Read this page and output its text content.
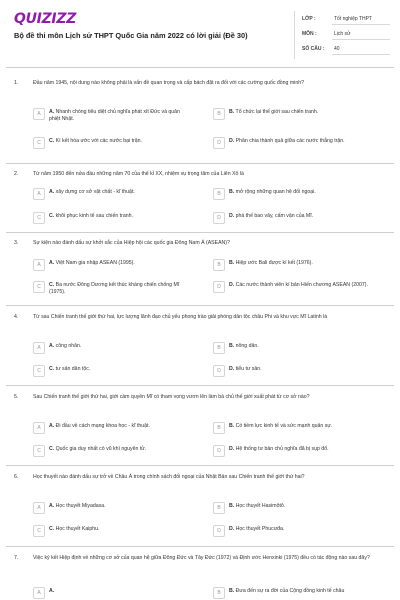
QUIZIZZ
Bộ đề thi môn Lịch sử THPT Quốc Gia năm 2022 có lời giải (Đề 30)
LỚP :	Tốt nghiệp THPT
MÔN :	Lịch sử
SỐ CÂU : 40
1.	Đầu năm 1945, nội dung nào không phải là vấn đề quan trọng và cấp bách đặt ra đối với các cường quốc đồng minh?
A	A. Nhanh chóng tiêu diệt chủ nghĩa phát xít Đức và quân phiệt Nhật.
B	B. Tổ chức lại thế giới sau chiến tranh.
C	C. Kí kết hòa ước với các nước bại trận.	D	D. Phân chia thành quả giữa các nước thắng trận.
2.	Từ năm 1950 đến nửa đầu những năm 70 của thế kỉ XX, nhiệm vụ trọng tâm của Liên Xô là
A	A. xây dựng cơ sở vật chất - kĩ thuật.	B	B. mở rộng những quan hệ đối ngoại.
C	C. khôi phục kinh tế sau chiến tranh.	D	D. phá thế bao vây, cấm vận của Mĩ.
3.	Sự kiện nào đánh dấu sự khởi sắc của Hiệp hội các quốc gia Đông Nam Á (ASEAN)?
A	A. Việt Nam gia nhập ASEAN (1995).	B	B. Hiệp ước Bali được kí kết (1976).
C	C. Ba nước Đông Dương kết thúc kháng chiến chống Mĩ (1975).
D	D. Các nước thành viên kí bản Hiến chương ASEAN (2007).
4.	Từ sau Chiến tranh thế giới thứ hai, lực lượng lãnh đạo chủ yếu phong trào giải phóng dân tộc châu Phi và khu vực Mĩ Latinh là
A	A. công nhân.	B	B. nông dân.
C	C. tư sản dân tộc.	D	D. tiểu tư sản.
5.	Sau Chiến tranh thế giới thứ hai, giới cầm quyền Mĩ có tham vọng vươn lên làm bá chủ thế giới xuất phát từ cơ sở nào?
A	A. Đi đầu về cách mạng khoa học - kĩ thuật.	B	B. Có tiềm lực kinh tế và sức mạnh quân sự.
C	C. Quốc gia duy nhất có vũ khí nguyên tử.	D	D. Hệ thống tư bản chủ nghĩa đã bị sụp đổ.
6.	Học thuyết nào đánh dấu sự trở về Châu Á trong chính sách đối ngoại của Nhật Bản sau Chiến tranh thế giới thứ hai?
A	A. Học thuyết Miyadasa.	B	B. Học thuyết Hasimôtô.
C	C. Học thuyết Kaiphu.	D	D. Học thuyết Phucưđa.
7.	Việc ký kết Hiệp định về những cơ sở của quan hệ giữa Đông Đức và Tây Đức (1972) và Định ước Henxinki (1975) đều có tác động nào sau đây?
A	A.	B	B. Đưa đến sự ra đời của Cộng đồng kinh tế châu
